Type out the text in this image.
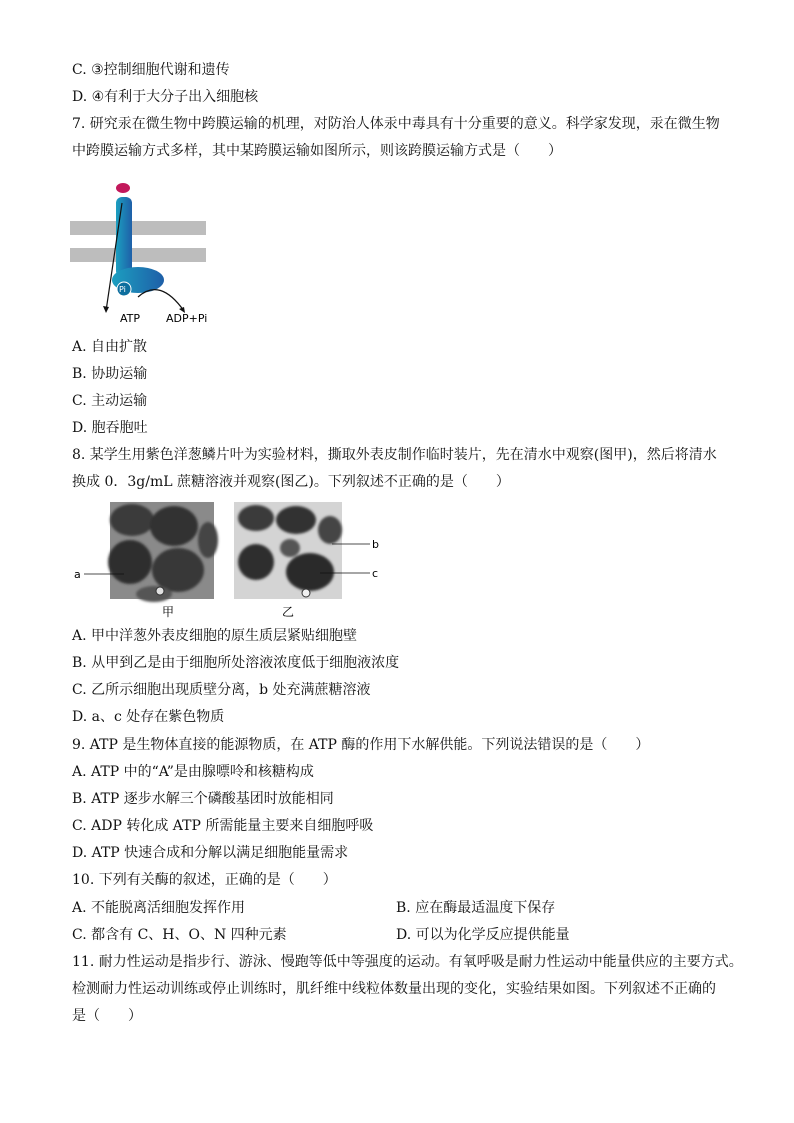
C. ③控制细胞代谢和遗传
D. ④有利于大分子出入细胞核
7. 研究汞在微生物中跨膜运输的机理，对防治人体汞中毒具有十分重要的意义。科学家发现，汞在微生物
中跨膜运输方式多样，其中某跨膜运输如图所示，则该跨膜运输方式是（　　）
Pi
ATP ADP+Pi
A. 自由扩散
B. 协助运输
C. 主动运输
D. 胞吞胞吐
8. 某学生用紫色洋葱鳞片叶为实验材料，撕取外表皮制作临时装片，先在清水中观察(图甲)，然后将清水
换成 0．3g/mL 蔗糖溶液并观察(图乙)。下列叙述不正确的是（　　）
a
甲
b
c
乙
A. 甲中洋葱外表皮细胞的原生质层紧贴细胞壁
B. 从甲到乙是由于细胞所处溶液浓度低于细胞液浓度
C. 乙所示细胞出现质壁分离，b 处充满蔗糖溶液
D. a、c 处存在紫色物质
9. ATP 是生物体直接的能源物质，在 ATP 酶的作用下水解供能。下列说法错误的是（　　）
A. ATP 中的“A”是由腺嘌呤和核糖构成
B. ATP 逐步水解三个磷酸基团时放能相同
C. ADP 转化成 ATP 所需能量主要来自细胞呼吸
D. ATP 快速合成和分解以满足细胞能量需求
10. 下列有关酶的叙述，正确的是（　　）
A. 不能脱离活细胞发挥作用	B. 应在酶最适温度下保存
C. 都含有 C、H、O、N 四种元素	D. 可以为化学反应提供能量
11. 耐力性运动是指步行、游泳、慢跑等低中等强度的运动。有氧呼吸是耐力性运动中能量供应的主要方式。
检测耐力性运动训练或停止训练时，肌纤维中线粒体数量出现的变化，实验结果如图。下列叙述不正确的
是（　　）
